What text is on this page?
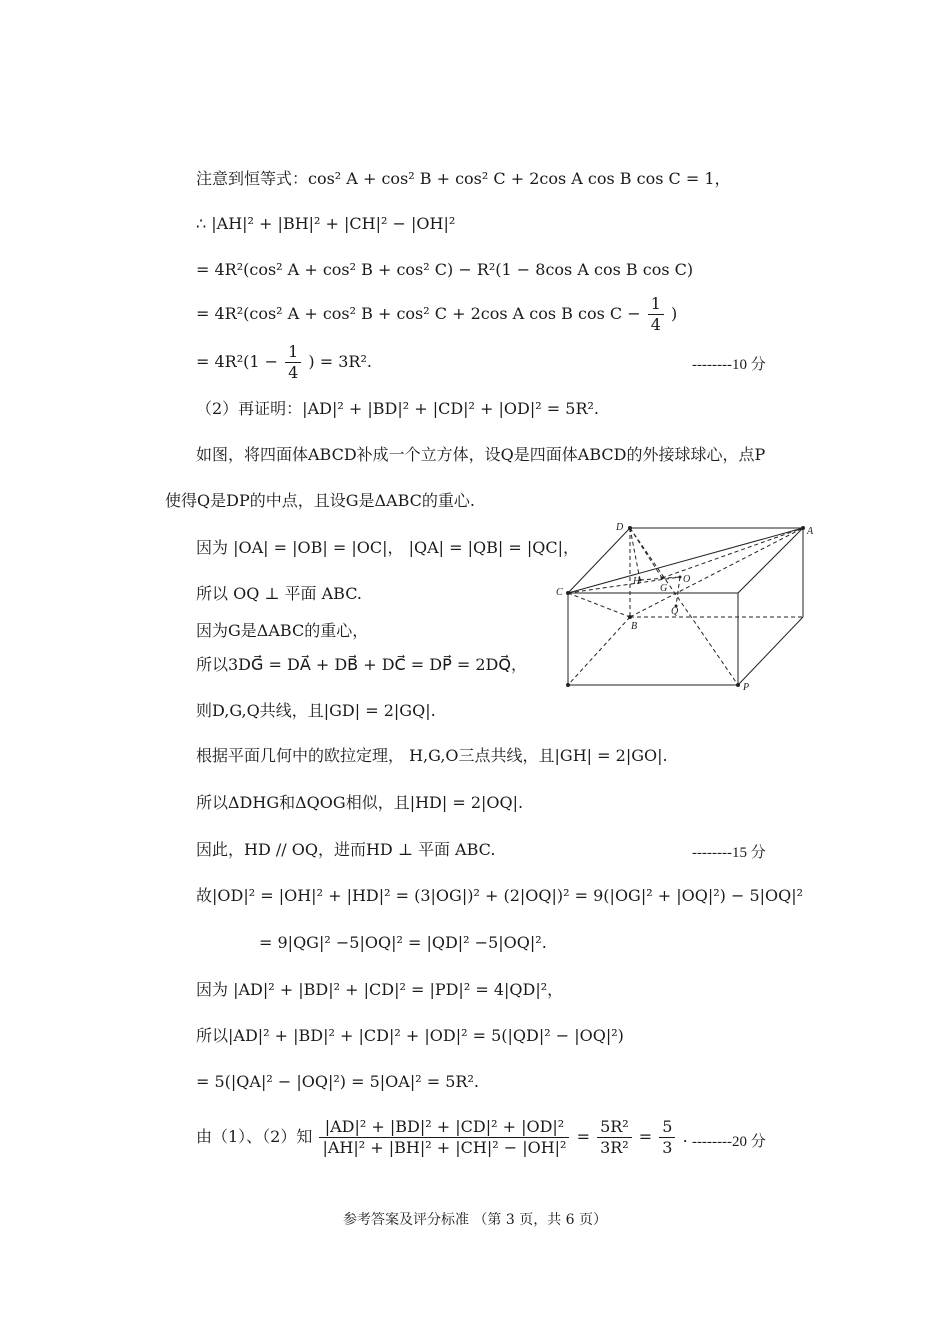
注意到恒等式：cos² A + cos² B + cos² C + 2cos A cos B cos C = 1，
∴ |AH|² + |BH|² + |CH|² − |OH|²
= 4R²(cos² A + cos² B + cos² C) − R²(1 − 8cos A cos B cos C)
= 4R²(cos² A + cos² B + cos² C + 2cos A cos B $\cos C - \frac{1}{4}$ )
= $4R^2(1 - \frac{1}{4}$ ) = 3R².	--------10 分
（2）再证明：|AD|² + |BD|² + |CD|² + |OD|² = 5R².
如图，将四面体ABCD补成一个立方体，设Q是四面体ABCD的外接球球心，点P
使得Q是DP的中点，且设G是ΔABC的重心.
因为 |OA| = |OB| = |OC|， |QA| = |QB| = |QC|，
所以 OQ ⊥ 平面 ABC.
因为G是ΔABC的重心，
所以3DG⃗ = DA⃗ + DB⃗ + DC⃗ = DP⃗ = 2DQ⃗，
则D,G,Q共线，且|GD| = 2|GQ|.
根据平面几何中的欧拉定理， H,G,O三点共线，且|GH| = 2|GO|.
所以ΔDHG和ΔQOG相似，且|HD| = 2|OQ|.
因此，HD // OQ，进而HD ⊥ 平面 ABC.	--------15 分
故|OD|² = |OH|² + |HD|² = (3|OG|)² + (2|OQ|)² = 9(|OG|² + |OQ|²) − 5|OQ|²
= 9|QG|² −5|OQ|² = |QD|² −5|OQ|².
因为 |AD|² + |BD|² + |CD|² = |PD|² = 4|QD|²，
所以|AD|² + |BD|² + |CD|² + |OD|² = 5(|QD|² − |OQ|²)
= 5(|QA|² − |OQ|²) = 5|OA|² = 5R².
由（1）、（2）知 $\frac{\text{|AD|² + |BD|² + |CD|² + |OD|²}}{\text{|AH|² + |BH|² + |CH|² − |OH|²}} = \frac{\text{5R²}}{\text{3R²}} = \frac{5}{3}$ . --------20 分
D	A
C
B
P
H
G
O
Q
参考答案及评分标准 （第 3 页，共 6 页）
